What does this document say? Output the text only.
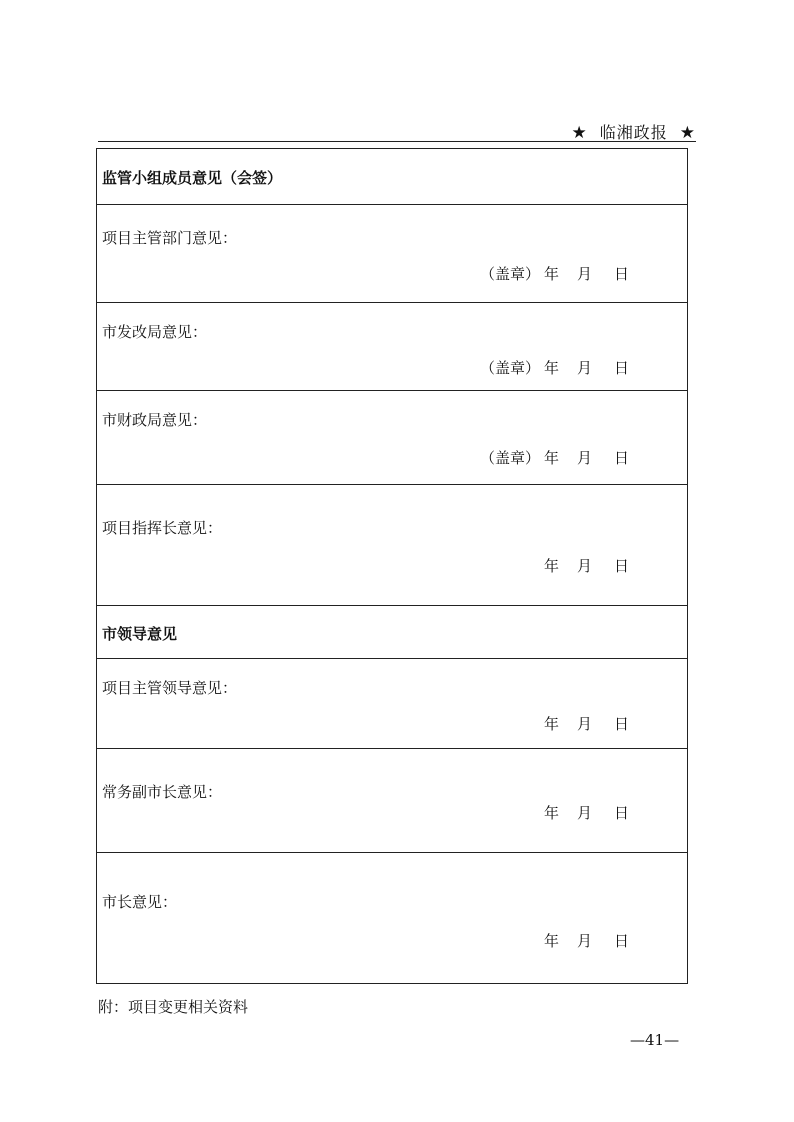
★ 临湘政报 ★
监管小组成员意见（会签）
项目主管部门意见：
（盖章） 年 月 日
市发改局意见：
（盖章） 年 月 日
市财政局意见：
（盖章） 年 月 日
项目指挥长意见：
年 月 日
市领导意见
项目主管领导意见：
年 月 日
常务副市长意见：
年 月 日
市长意见：
年 月 日
附：项目变更相关资料
—41—
